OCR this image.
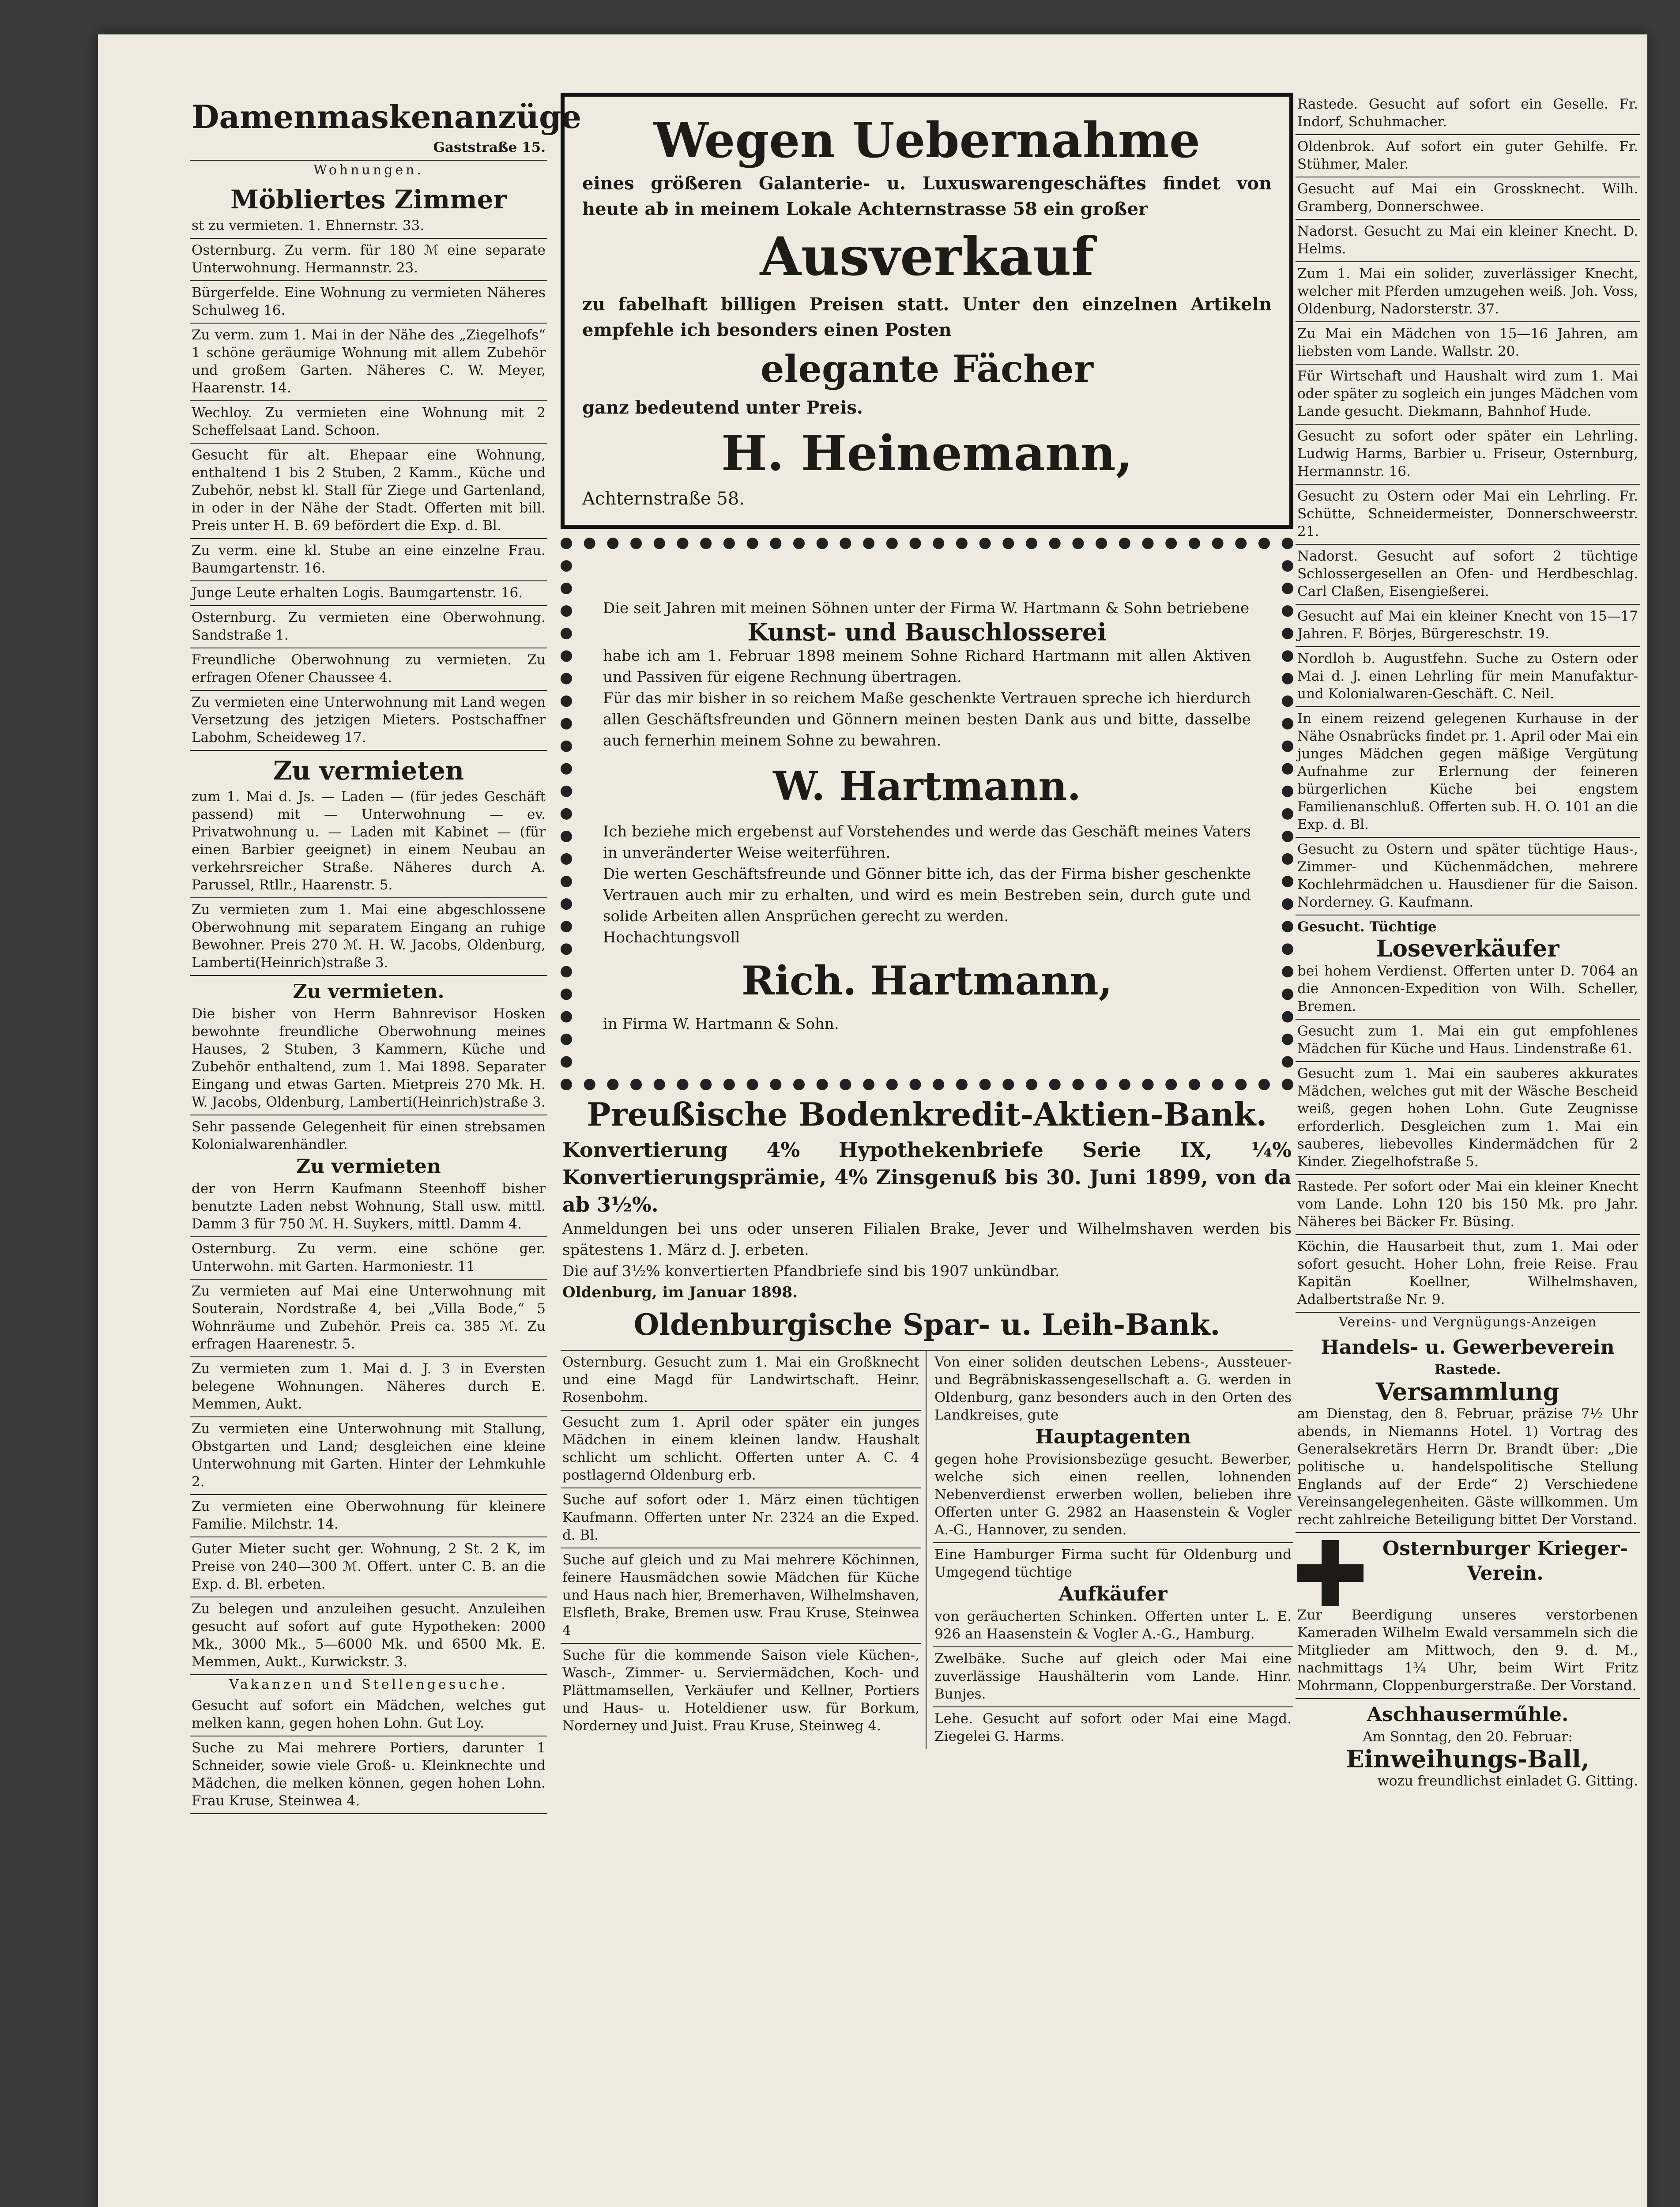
Damenmaskenanzüge

Gaststraße 15.

Wohnungen.

Möbliertes Zimmer

st zu vermieten. 1. Ehnernstr. 33.

Osternburg. Zu verm. für 180 ℳ eine separate Unterwohnung. Hermannstr. 23.

Bürgerfelde. Eine Wohnung zu vermieten Näheres Schulweg 16.

Zu verm. zum 1. Mai in der Nähe des „Ziegelhofs“ 1 schöne geräumige Wohnung mit allem Zubehör und großem Garten. Näheres C. W. Meyer, Haarenstr. 14.

Wechloy. Zu vermieten eine Wohnung mit 2 Scheffelsaat Land. Schoon.

Gesucht für alt. Ehepaar eine Wohnung, enthaltend 1 bis 2 Stuben, 2 Kamm., Küche und Zubehör, nebst kl. Stall für Ziege und Gartenland, in oder in der Nähe der Stadt. Offerten mit bill. Preis unter H. B. 69 befördert die Exp. d. Bl.

Zu verm. eine kl. Stube an eine einzelne Frau. Baumgartenstr. 16.

Junge Leute erhalten Logis. Baumgartenstr. 16.

Osternburg. Zu vermieten eine Oberwohnung. Sandstraße 1.

Freundliche Oberwohnung zu vermieten. Zu erfragen Ofener Chaussee 4.

Zu vermieten eine Unterwohnung mit Land wegen Versetzung des jetzigen Mieters. Postschaffner Labohm, Scheideweg 17.

Zu vermieten

zum 1. Mai d. Js. — Laden — (für jedes Geschäft passend) mit — Unterwohnung — ev. Privatwohnung u. — Laden mit Kabinet — (für einen Barbier geeignet) in einem Neubau an verkehrsreicher Straße. Näheres durch A. Parussel, Rtllr., Haarenstr. 5.

Zu vermieten zum 1. Mai eine abgeschlossene Oberwohnung mit separatem Eingang an ruhige Bewohner. Preis 270 ℳ. H. W. Jacobs, Oldenburg, Lamberti(Heinrich)straße 3.

Zu vermieten.

Die bisher von Herrn Bahnrevisor Hosken bewohnte freundliche Oberwohnung meines Hauses, 2 Stuben, 3 Kammern, Küche und Zubehör enthaltend, zum 1. Mai 1898. Separater Eingang und etwas Garten. Mietpreis 270 Mk. H. W. Jacobs, Oldenburg, Lamberti(Heinrich)straße 3.

Sehr passende Gelegenheit für einen strebsamen Kolonialwarenhändler.

Zu vermieten

der von Herrn Kaufmann Steenhoff bisher benutzte Laden nebst Wohnung, Stall usw. mittl. Damm 3 für 750 ℳ. H. Suykers, mittl. Damm 4.

Osternburg. Zu verm. eine schöne ger. Unterwohn. mit Garten. Harmoniestr. 11

Zu vermieten auf Mai eine Unterwohnung mit Souterain, Nordstraße 4, bei „Villa Bode,“ 5 Wohnräume und Zubehör. Preis ca. 385 ℳ. Zu erfragen Haarenestr. 5.

Zu vermieten zum 1. Mai d. J. 3 in Eversten belegene Wohnungen. Näheres durch E. Memmen, Aukt.

Zu vermieten eine Unterwohnung mit Stallung, Obstgarten und Land; desgleichen eine kleine Unterwohnung mit Garten. Hinter der Lehmkuhle 2.

Zu vermieten eine Oberwohnung für kleinere Familie. Milchstr. 14.

Guter Mieter sucht ger. Wohnung, 2 St. 2 K, im Preise von 240—300 ℳ. Offert. unter C. B. an die Exp. d. Bl. erbeten.

Zu belegen und anzuleihen gesucht. Anzuleihen gesucht auf sofort auf gute Hypotheken: 2000 Mk., 3000 Mk., 5—6000 Mk. und 6500 Mk. E. Memmen, Aukt., Kurwickstr. 3.

Vakanzen und Stellengesuche.

Gesucht auf sofort ein Mädchen, welches gut melken kann, gegen hohen Lohn. Gut Loy.

Suche zu Mai mehrere Portiers, darunter 1 Schneider, sowie viele Groß- u. Kleinknechte und Mädchen, die melken können, gegen hohen Lohn. Frau Kruse, Steinwea 4.

Wegen Uebernahme

eines größeren Galanterie- u. Luxuswarengeschäftes findet von heute ab in meinem Lokale Achternstrasse 58 ein großer

Ausverkauf

zu fabelhaft billigen Preisen statt. Unter den einzelnen Artikeln empfehle ich besonders einen Posten

elegante Fächer

ganz bedeutend unter Preis.

H. Heinemann,

Achternstraße 58.

Die seit Jahren mit meinen Söhnen unter der Firma W. Hartmann & Sohn betriebene

Kunst- und Bauschlosserei

habe ich am 1. Februar 1898 meinem Sohne Richard Hartmann mit allen Aktiven und Passiven für eigene Rechnung übertragen.

Für das mir bisher in so reichem Maße geschenkte Vertrauen spreche ich hierdurch allen Geschäftsfreunden und Gönnern meinen besten Dank aus und bitte, dasselbe auch fernerhin meinem Sohne zu bewahren.

W. Hartmann.

Ich beziehe mich ergebenst auf Vorstehendes und werde das Geschäft meines Vaters in unveränderter Weise weiterführen.

Die werten Geschäftsfreunde und Gönner bitte ich, das der Firma bisher geschenkte Vertrauen auch mir zu erhalten, und wird es mein Bestreben sein, durch gute und solide Arbeiten allen Ansprüchen gerecht zu werden.

Hochachtungsvoll

Rich. Hartmann,

in Firma W. Hartmann & Sohn.

Preußische Bodenkredit-Aktien-Bank.

Konvertierung 4% Hypothekenbriefe Serie IX, ¼% Konvertierungsprämie, 4% Zinsgenuß bis 30. Juni 1899, von da ab 3½%.

Anmeldungen bei uns oder unseren Filialen Brake, Jever und Wilhelmshaven werden bis spätestens 1. März d. J. erbeten.

Die auf 3½% konvertierten Pfandbriefe sind bis 1907 unkündbar.

Oldenburg, im Januar 1898.

Oldenburgische Spar- u. Leih-Bank.

Osternburg. Gesucht zum 1. Mai ein Großknecht und eine Magd für Landwirtschaft. Heinr. Rosenbohm.

Gesucht zum 1. April oder später ein junges Mädchen in einem kleinen landw. Haushalt schlicht um schlicht. Offerten unter A. C. 4 postlagernd Oldenburg erb.

Suche auf sofort oder 1. März einen tüchtigen Kaufmann. Offerten unter Nr. 2324 an die Exped. d. Bl.

Suche auf gleich und zu Mai mehrere Köchinnen, feinere Hausmädchen sowie Mädchen für Küche und Haus nach hier, Bremerhaven, Wilhelmshaven, Elsfleth, Brake, Bremen usw. Frau Kruse, Steinwea 4

Suche für die kommende Saison viele Küchen-, Wasch-, Zimmer- u. Serviermädchen, Koch- und Plättmamsellen, Verkäufer und Kellner, Portiers und Haus- u. Hoteldiener usw. für Borkum, Norderney und Juist. Frau Kruse, Steinweg 4.

Von einer soliden deutschen Lebens-, Aussteuer- und Begräbniskassengesellschaft a. G. werden in Oldenburg, ganz besonders auch in den Orten des Landkreises, gute

Hauptagenten

gegen hohe Provisionsbezüge gesucht. Bewerber, welche sich einen reellen, lohnenden Nebenverdienst erwerben wollen, belieben ihre Offerten unter G. 2982 an Haasenstein & Vogler A.-G., Hannover, zu senden.

Eine Hamburger Firma sucht für Oldenburg und Umgegend tüchtige

Aufkäufer

von geräucherten Schinken. Offerten unter L. E. 926 an Haasenstein & Vogler A.-G., Hamburg.

Zwelbäke. Suche auf gleich oder Mai eine zuverlässige Haushälterin vom Lande. Hinr. Bunjes.

Lehe. Gesucht auf sofort oder Mai eine Magd. Ziegelei G. Harms.

Rastede. Gesucht auf sofort ein Geselle. Fr. Indorf, Schuhmacher.

Oldenbrok. Auf sofort ein guter Gehilfe. Fr. Stühmer, Maler.

Gesucht auf Mai ein Grossknecht. Wilh. Gramberg, Donnerschwee.

Nadorst. Gesucht zu Mai ein kleiner Knecht. D. Helms.

Zum 1. Mai ein solider, zuverlässiger Knecht, welcher mit Pferden umzugehen weiß. Joh. Voss, Oldenburg, Nadorsterstr. 37.

Zu Mai ein Mädchen von 15—16 Jahren, am liebsten vom Lande. Wallstr. 20.

Für Wirtschaft und Haushalt wird zum 1. Mai oder später zu sogleich ein junges Mädchen vom Lande gesucht. Diekmann, Bahnhof Hude.

Gesucht zu sofort oder später ein Lehrling. Ludwig Harms, Barbier u. Friseur, Osternburg, Hermannstr. 16.

Gesucht zu Ostern oder Mai ein Lehrling. Fr. Schütte, Schneidermeister, Donnerschweerstr. 21.

Nadorst. Gesucht auf sofort 2 tüchtige Schlossergesellen an Ofen- und Herdbeschlag. Carl Claßen, Eisengießerei.

Gesucht auf Mai ein kleiner Knecht von 15—17 Jahren. F. Börjes, Bürgereschstr. 19.

Nordloh b. Augustfehn. Suche zu Ostern oder Mai d. J. einen Lehrling für mein Manufaktur- und Kolonialwaren-Geschäft. C. Neil.

In einem reizend gelegenen Kurhause in der Nähe Osnabrücks findet pr. 1. April oder Mai ein junges Mädchen gegen mäßige Vergütung Aufnahme zur Erlernung der feineren bürgerlichen Küche bei engstem Familienanschluß. Offerten sub. H. O. 101 an die Exp. d. Bl.

Gesucht zu Ostern und später tüchtige Haus-, Zimmer- und Küchenmädchen, mehrere Kochlehrmädchen u. Hausdiener für die Saison. Norderney. G. Kaufmann.

Gesucht. Tüchtige

Loseverkäufer

bei hohem Verdienst. Offerten unter D. 7064 an die Annoncen-Expedition von Wilh. Scheller, Bremen.

Gesucht zum 1. Mai ein gut empfohlenes Mädchen für Küche und Haus. Lindenstraße 61.

Gesucht zum 1. Mai ein sauberes akkurates Mädchen, welches gut mit der Wäsche Bescheid weiß, gegen hohen Lohn. Gute Zeugnisse erforderlich. Desgleichen zum 1. Mai ein sauberes, liebevolles Kindermädchen für 2 Kinder. Ziegelhofstraße 5.

Rastede. Per sofort oder Mai ein kleiner Knecht vom Lande. Lohn 120 bis 150 Mk. pro Jahr. Näheres bei Bäcker Fr. Büsing.

Köchin, die Hausarbeit thut, zum 1. Mai oder sofort gesucht. Hoher Lohn, freie Reise. Frau Kapitän Koellner, Wilhelmshaven, Adalbertstraße Nr. 9.

Vereins- und Vergnügungs-Anzeigen

Handels- u. Gewerbeverein

Rastede.

Versammlung

am Dienstag, den 8. Februar, präzise 7½ Uhr abends, in Niemanns Hotel. 1) Vortrag des Generalsekretärs Herrn Dr. Brandt über: „Die politische u. handelspolitische Stellung Englands auf der Erde“ 2) Verschiedene Vereinsangelegenheiten. Gäste willkommen. Um recht zahlreiche Beteiligung bittet Der Vorstand.

Osternburger Krieger-Verein.

Zur Beerdigung unseres verstorbenen Kameraden Wilhelm Ewald versammeln sich die Mitglieder am Mittwoch, den 9. d. M., nachmittags 1¾ Uhr, beim Wirt Fritz Mohrmann, Cloppenburgerstraße. Der Vorstand.

Aschhauserműhle.

Am Sonntag, den 20. Februar:

Einweihungs-Ball,

wozu freundlichst einladet G. Gitting.
